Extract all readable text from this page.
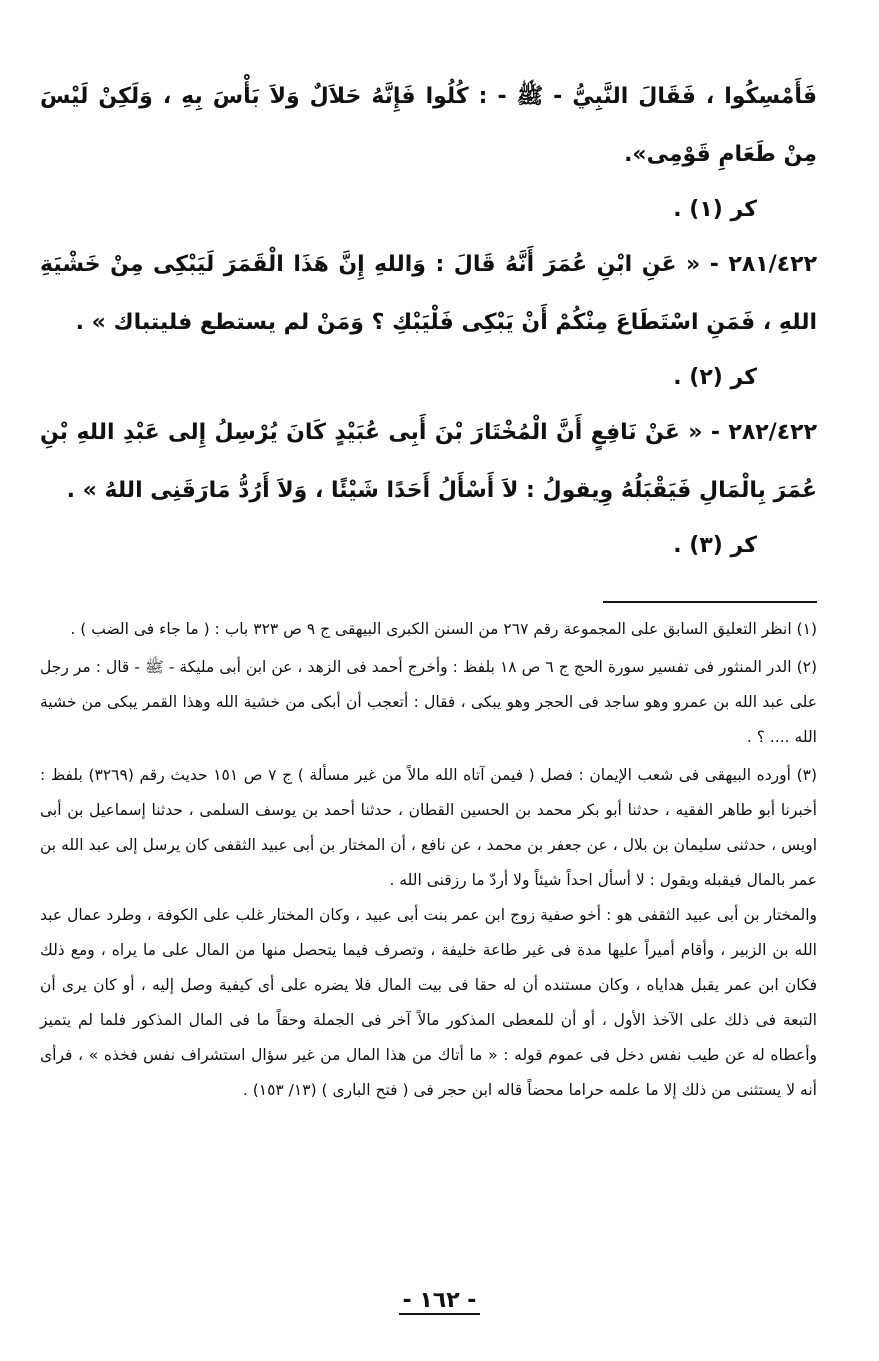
فَأَمْسِكُوا ، فَقَالَ النَّبِيُّ - ﷺ - : كُلُوا فَإِنَّهُ حَلاَلٌ وَلاَ بَأْسَ بِهِ ، وَلَكِنْ لَيْسَ مِنْ طَعَامِ قَوْمِى».

كر (١) .

٢٨١/٤٢٢ - « عَنِ ابْنِ عُمَرَ أَنَّهُ قَالَ : وَاللهِ إِنَّ هَذَا الْقَمَرَ لَيَبْكِى مِنْ خَشْيَةِ اللهِ ، فَمَنِ اسْتَطَاعَ مِنْكُمْ أَنْ يَبْكِى فَلْيَبْكِ ؟ وَمَنْ لم يستطع فليتباك » .

كر (٢) .

٢٨٢/٤٢٢ - « عَنْ نَافِعٍ أَنَّ الْمُخْتَارَ بْنَ أَبِى عُبَيْدٍ كَانَ يُرْسِلُ إِلى عَبْدِ اللهِ بْنِ عُمَرَ بِالْمَالِ فَيَقْبَلُهُ وِيقولُ : لاَ أَسْأَلُ أَحَدًا شَيْئًا ، وَلاَ أَرُدُّ مَارَقَنِى اللهُ » .

كر (٣) .

(١) انظر التعليق السابق على المجموعة رقم ٢٦٧ من السنن الكبرى البيهقى ج ٩ ص ٣٢٣ باب : ( ما جاء فى الضب ) .

(٢) الدر المنثور فى تفسير سورة الحج ج ٦ ص ١٨ بلفظ : وأخرج أحمد فى الزهد ، عن ابن أبى مليكة - ﷺ - قال : مر رجل على عبد الله بن عمرو وهو ساجد فى الحجر وهو يبكى ، فقال : أتعجب أن أبكى من خشية الله وهذا القمر يبكى من خشية الله .... ؟ .

(٣) أورده البيهقى فى شعب الإيمان : فصل ( فيمن آتاه الله مالاً من غير مسألة ) ج ٧ ص ١٥١ حديث رقم (٣٢٦٩) بلفظ : أخبرنا أبو طاهر الفقيه ، حدثنا أبو بكر محمد بن الحسين القطان ، حدثنا أحمد بن يوسف السلمى ، حدثنا إسماعيل بن أبى اويس ، حدثنى سليمان بن بلال ، عن جعفر بن محمد ، عن نافع ، أن المختار بن أبى عبيد الثقفى كان يرسل إلى عبد الله بن عمر بالمال فيقبله ويقول : لا أسأل احداً شيئاً ولا أردّ ما رزقنى الله .

والمختار بن أبى عبيد الثقفى هو : أخو صفية زوج ابن عمر بنت أبى عبيد ، وكان المختار غلب على الكوفة ، وطرد عمال عبد الله بن الزبير ، وأقام أميراً عليها مدة فى غير طاعة خليفة ، وتصرف فيما يتحصل منها من المال على ما يراه ، ومع ذلك فكان ابن عمر يقبل هداياه ، وكان مستنده أن له حقا فى بيت المال فلا يضره على أى كيفية وصل إليه ، أو كان يرى أن التبعة فى ذلك على الآخذ الأول ، أو أن للمعطى المذكور مالاً آخر فى الجملة وحقاً ما فى المال المذكور فلما لم يتميز وأعطاه له عن طيب نفس دخل فى عموم قوله : « ما أتاك من هذا المال من غير سؤال استشراف نفس فخذه » ، فرأى أنه لا يستثنى من ذلك إلا ما علمه حراما محضاً قاله ابن حجر فى ( فتح البارى ) (١٣/ ١٥٣) .

- ١٦٢ -
